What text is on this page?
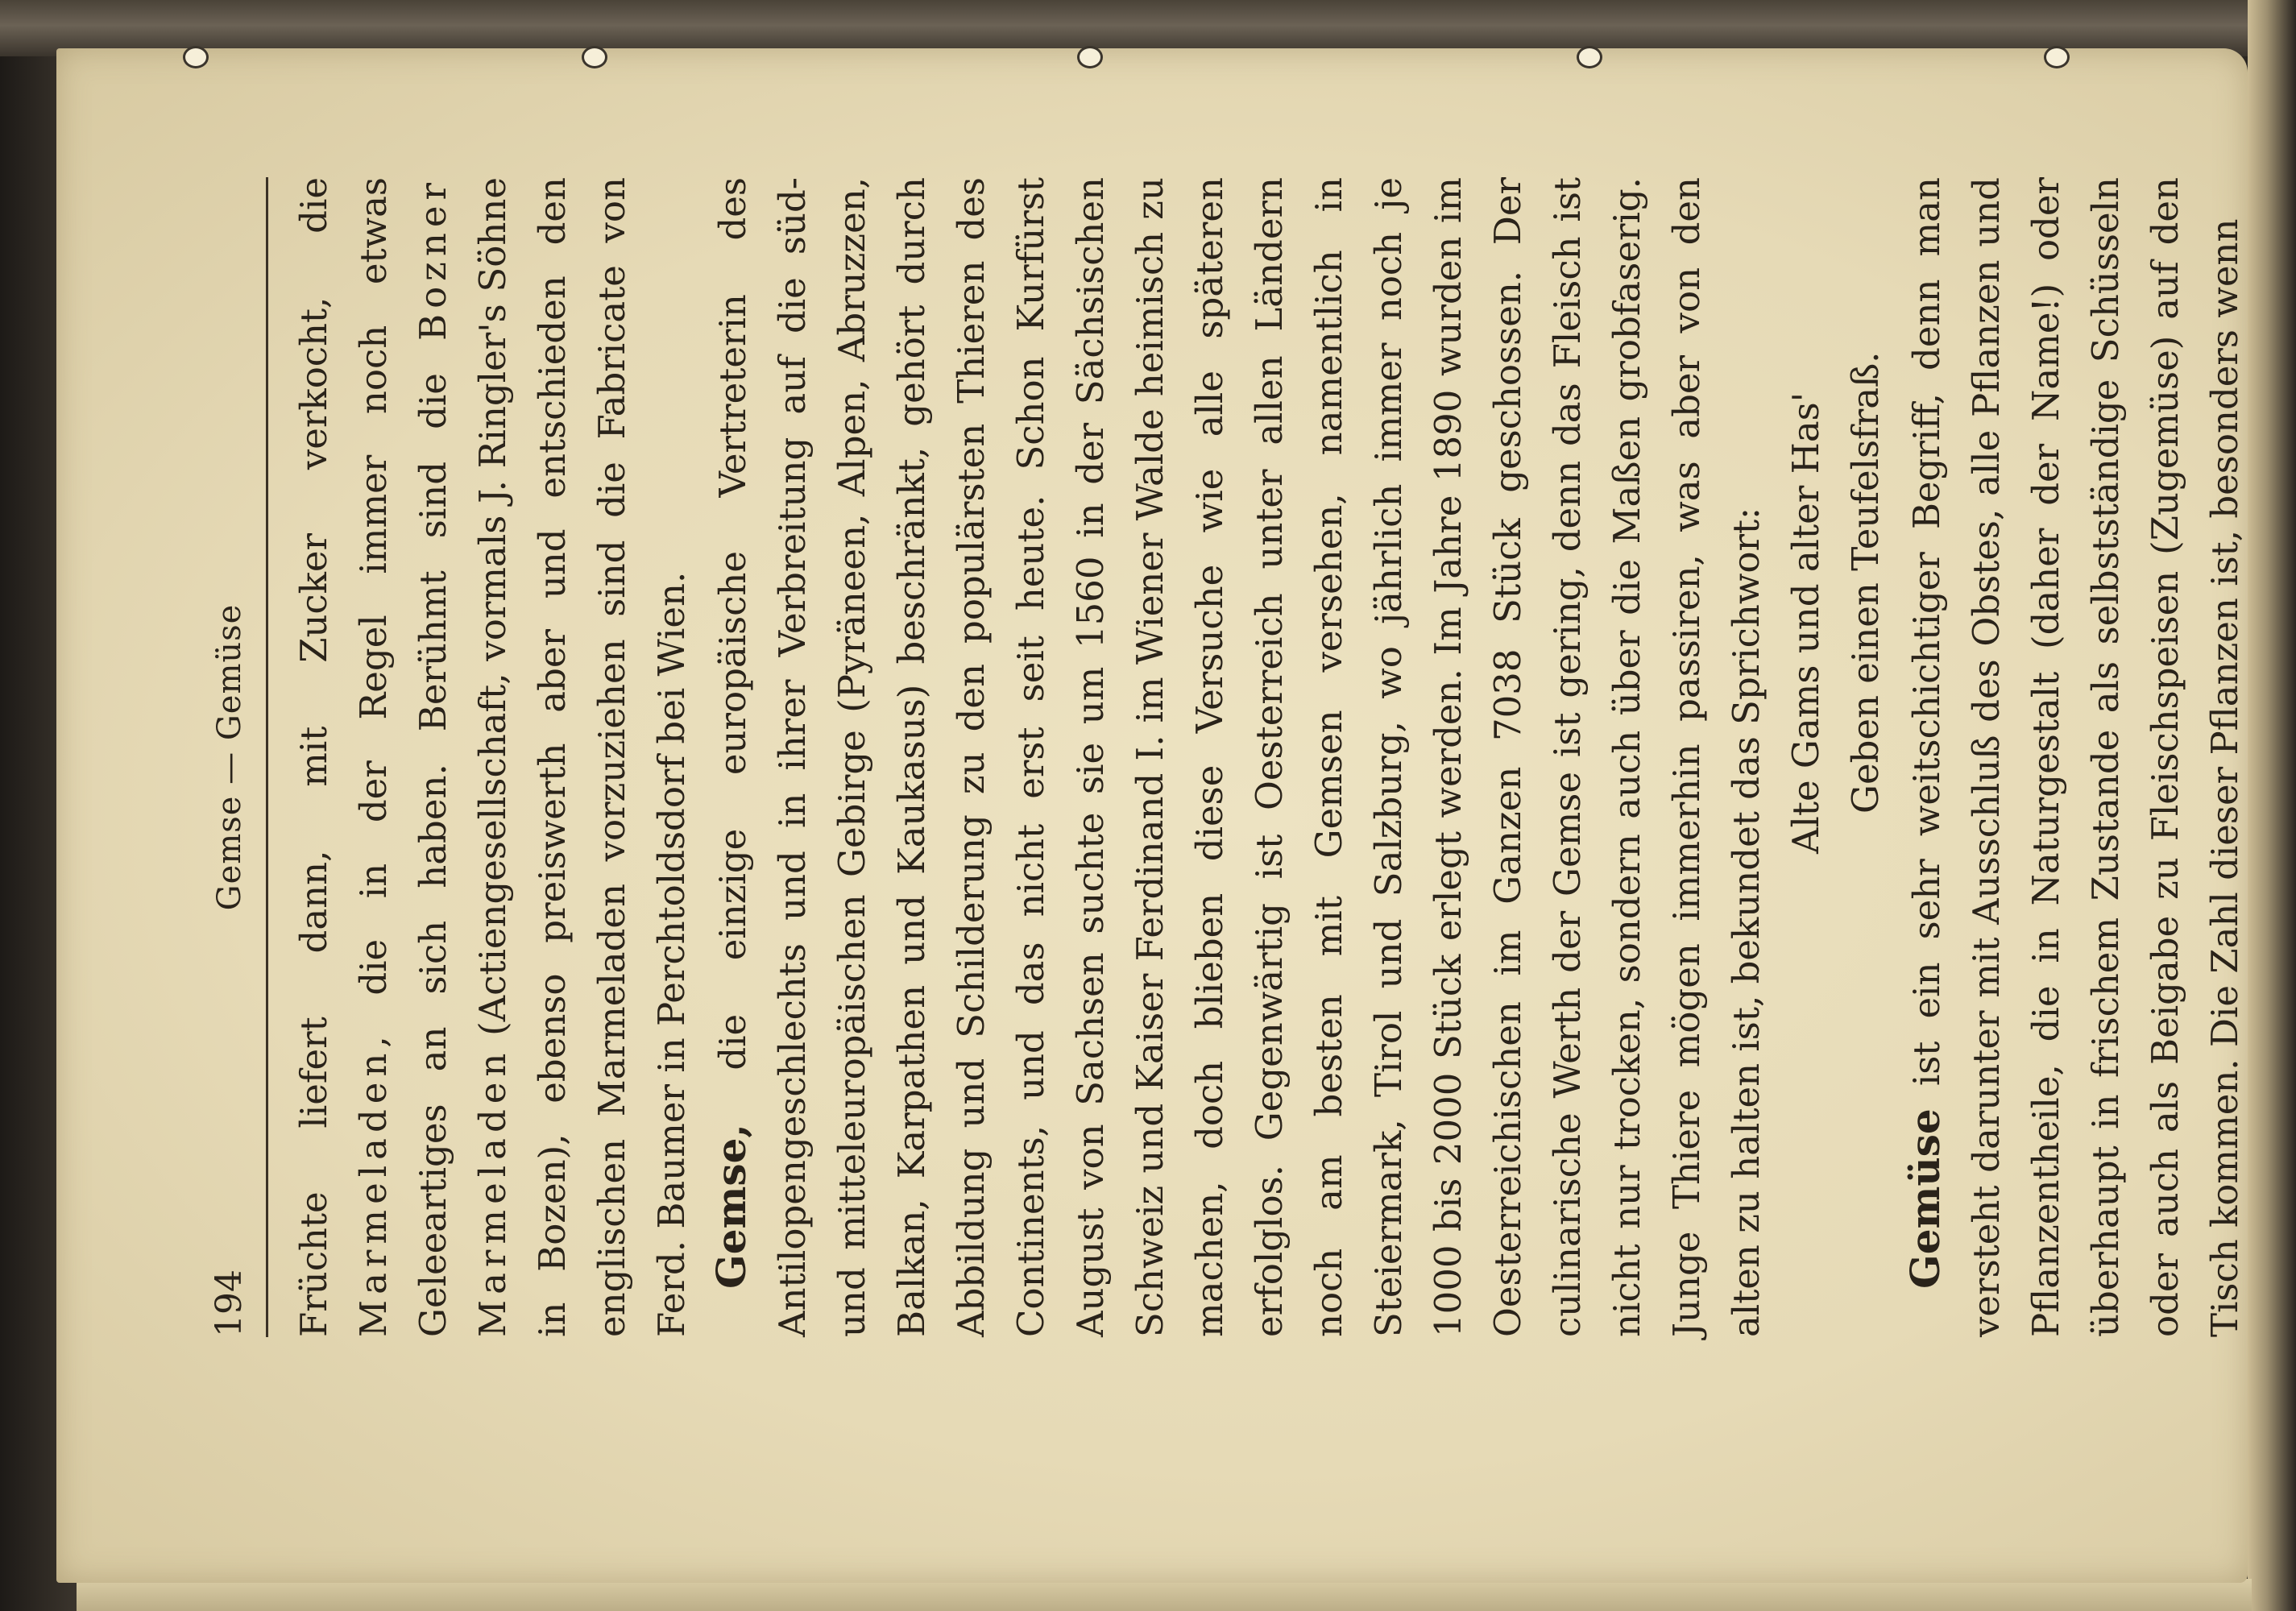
194
Gemse — Gemüse	Früchte liefert dann, mit Zucker verkocht, die Marmeladen, die in der Regel immer noch etwas Geleeartiges an sich haben. Berühmt sind die Bozner Marmeladen (Actiengesellschaft, vormals J. Ringler's Söhne in Bozen), ebenso preiswerth aber und entschieden den englischen Marmeladen vorzuziehen sind die Fabricate von Ferd. Baumer in Perchtoldsdorf bei Wien. Gemse, die einzige europäische Vertreterin des Antilopengeschlechts und in ihrer Verbreitung auf die süd- und mitteleuropäischen Gebirge (Pyräneen, Alpen, Abruzzen, Balkan, Karpathen und Kaukasus) beschränkt, gehört durch Abbildung und Schilderung zu den populärsten Thieren des Continents, und das nicht erst seit heute. Schon Kurfürst August von Sachsen suchte sie um 1560 in der Sächsischen Schweiz und Kaiser Ferdinand I. im Wiener Walde heimisch zu machen, doch blieben diese Versuche wie alle späteren erfolglos. Gegenwärtig ist Oesterreich unter allen Ländern noch am besten mit Gemsen versehen, namentlich in Steiermark, Tirol und Salzburg, wo jährlich immer noch je 1000 bis 2000 Stück erlegt werden. Im Jahre 1890 wurden im Oesterreichischen im Ganzen 7038 Stück geschossen. Der culinarische Werth der Gemse ist gering, denn das Fleisch ist nicht nur trocken, sondern auch über die Maßen grobfaserig. Junge Thiere mögen immerhin passiren, was aber von den alten zu halten ist, bekundet das Sprichwort: Alte Gams und alter Has' Geben einen Teufelsfraß.

Gemüse ist ein sehr weitschichtiger Begriff, denn man versteht darunter mit Ausschluß des Obstes, alle Pflanzen und Pflanzentheile, die in Naturgestalt (daher der Name!) oder überhaupt in frischem Zustande als selbstständige Schüsseln oder auch als Beigabe zu Fleischspeisen (Zugemüse) auf den Tisch kommen. Die Zahl dieser Pflanzen ist, besonders wenn
